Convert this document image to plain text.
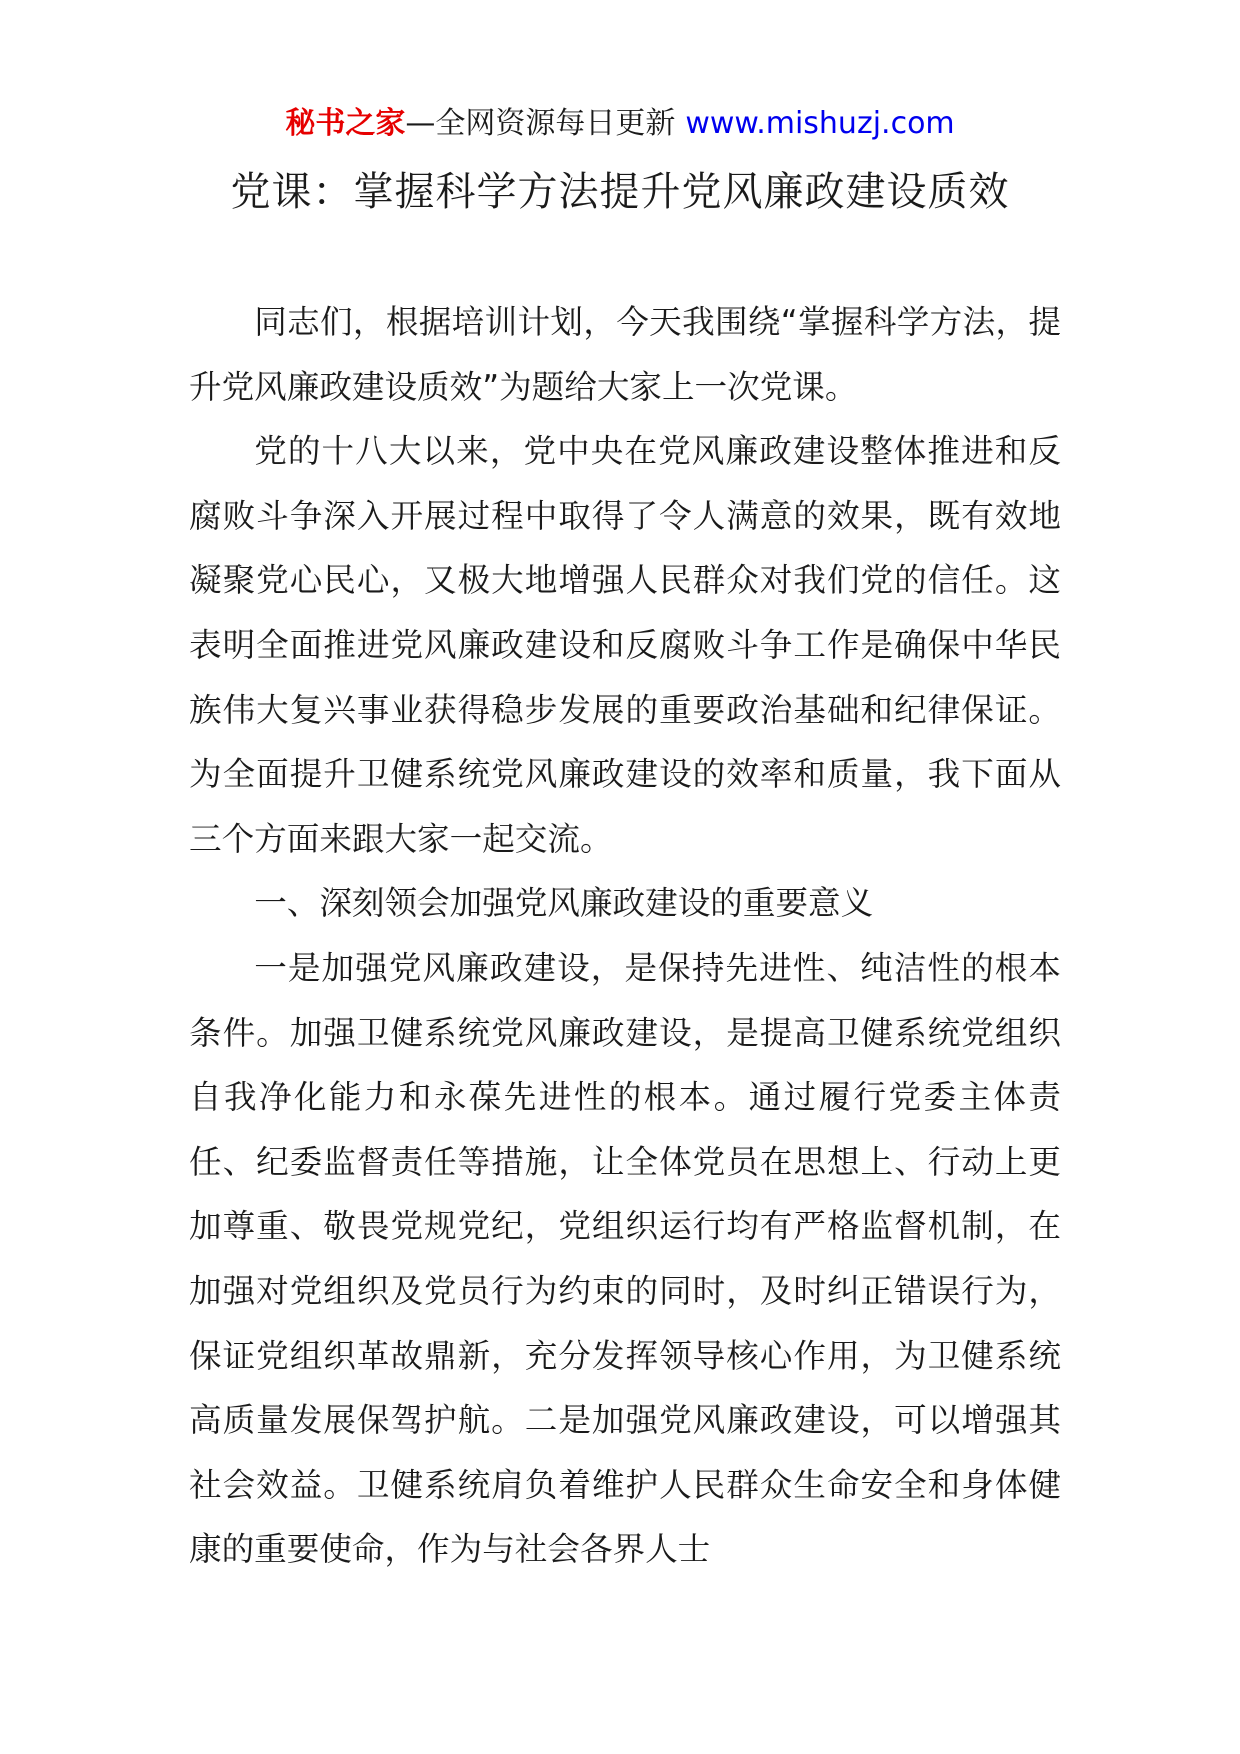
秘书之家—全网资源每日更新 www.mishuzj.com
党课：掌握科学方法提升党风廉政建设质效

同志们，根据培训计划，今天我围绕“掌握科学方法，提升党风廉政建设质效”为题给大家上一次党课。

党的十八大以来，党中央在党风廉政建设整体推进和反腐败斗争深入开展过程中取得了令人满意的效果，既有效地凝聚党心民心，又极大地增强人民群众对我们党的信任。这表明全面推进党风廉政建设和反腐败斗争工作是确保中华民族伟大复兴事业获得稳步发展的重要政治基础和纪律保证。为全面提升卫健系统党风廉政建设的效率和质量，我下面从三个方面来跟大家一起交流。

一、深刻领会加强党风廉政建设的重要意义

一是加强党风廉政建设，是保持先进性、纯洁性的根本条件。加强卫健系统党风廉政建设，是提高卫健系统党组织自我净化能力和永葆先进性的根本。通过履行党委主体责任、纪委监督责任等措施，让全体党员在思想上、行动上更加尊重、敬畏党规党纪，党组织运行均有严格监督机制，在加强对党组织及党员行为约束的同时，及时纠正错误行为，保证党组织革故鼎新，充分发挥领导核心作用，为卫健系统高质量发展保驾护航。二是加强党风廉政建设，可以增强其社会效益。卫健系统肩负着维护人民群众生命安全和身体健康的重要使命，作为与社会各界人士
